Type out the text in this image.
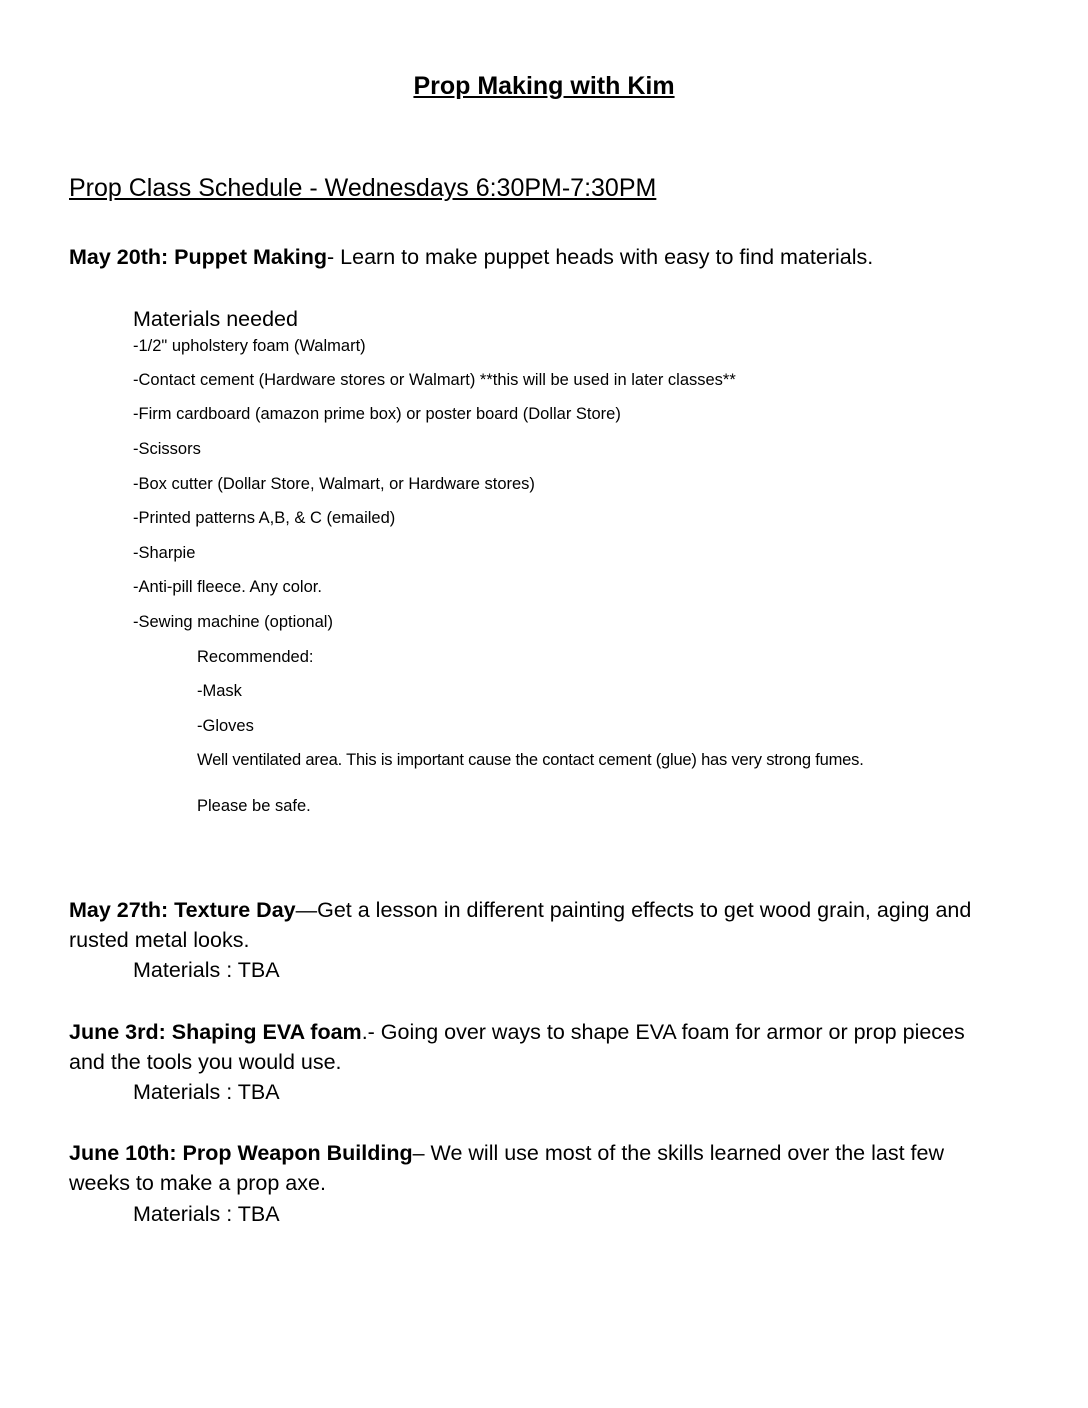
Prop Making with Kim
Prop Class Schedule - Wednesdays 6:30PM-7:30PM
May 20th: Puppet Making- Learn to make puppet heads with easy to find materials.
Materials needed
-1/2" upholstery foam (Walmart)
-Contact cement (Hardware stores or Walmart) **this will be used in later classes**
-Firm cardboard (amazon prime box) or poster board (Dollar Store)
-Scissors
-Box cutter (Dollar Store, Walmart, or Hardware stores)
-Printed patterns A,B, & C (emailed)
-Sharpie
-Anti-pill fleece. Any color.
-Sewing machine (optional)
Recommended:
-Mask
-Gloves
Well ventilated area. This is important cause the contact cement (glue) has very strong fumes.
Please be safe.
May 27th: Texture Day—Get a lesson in different painting effects to get wood grain, aging and
rusted metal looks.
Materials : TBA
June 3rd: Shaping EVA foam.- Going over ways to shape EVA foam for armor or prop pieces
and the tools you would use.
Materials : TBA
June 10th: Prop Weapon Building– We will use most of the skills learned over the last few
weeks to make a prop axe.
Materials : TBA
